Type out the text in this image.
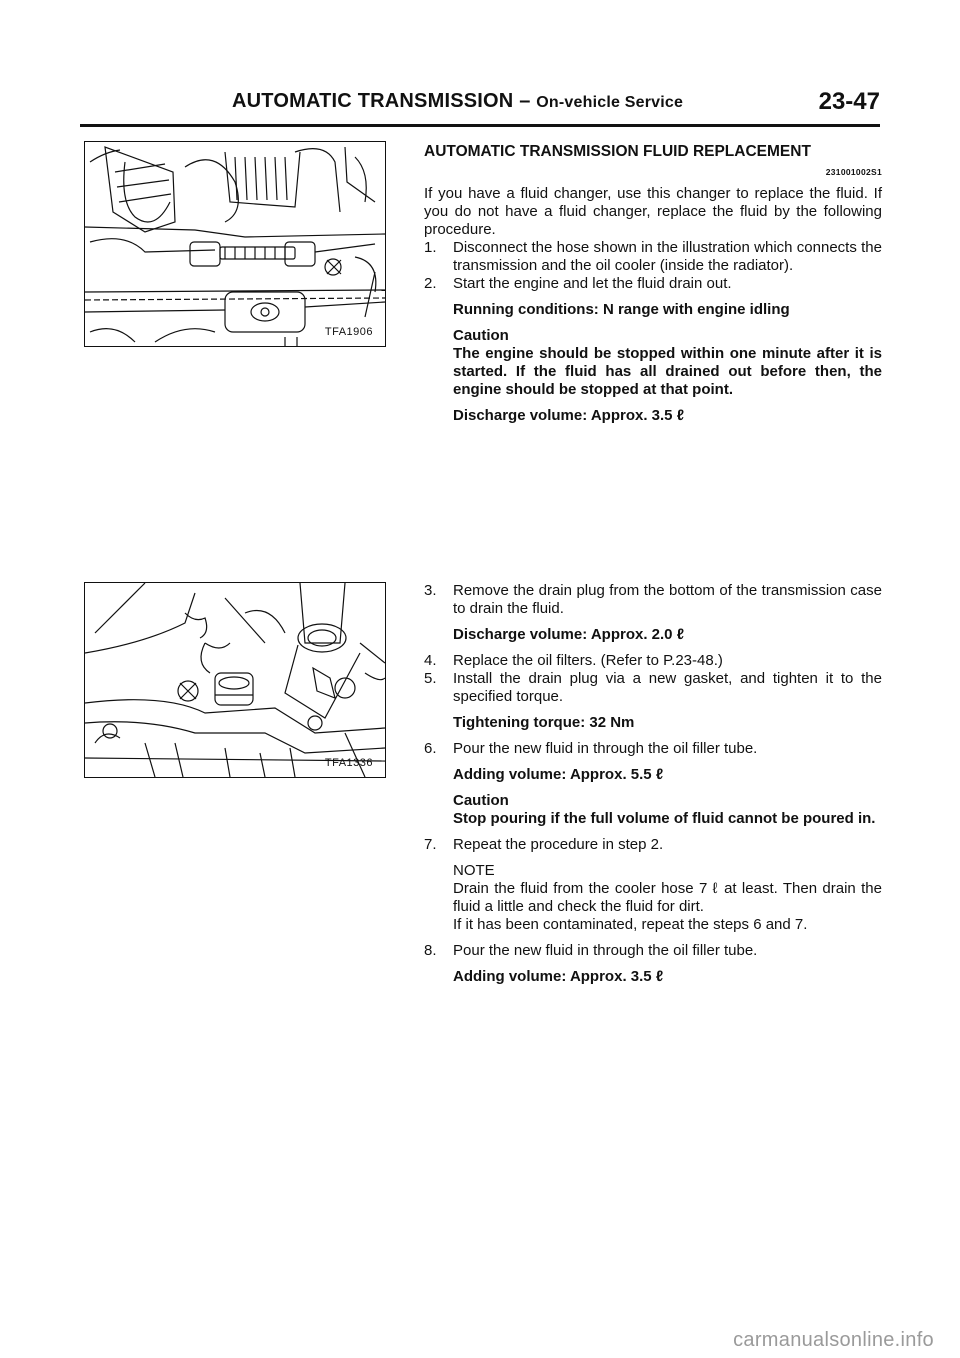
AUTOMATIC TRANSMISSION – On-vehicle Service	23-47
TFA1906
TFA1336
AUTOMATIC TRANSMISSION FLUID REPLACEMENT
231001002S1
If you have a fluid changer, use this changer to replace the fluid. If you do not have a fluid changer, replace the fluid by the following procedure.
1.	Disconnect the hose shown in the illustration which connects the transmission and the oil cooler (inside the radiator).
2.	Start the engine and let the fluid drain out.
Running conditions: N range with engine idling
Caution
The engine should be stopped within one minute after it is started. If the fluid has all drained out before then, the engine should be stopped at that point.
Discharge volume: Approx. 3.5 ℓ
3.	Remove the drain plug from the bottom of the transmission case to drain the fluid.
Discharge volume: Approx. 2.0 ℓ
4.	Replace the oil filters. (Refer to P.23-48.)
5.	Install the drain plug via a new gasket, and tighten it to the specified torque.
Tightening torque: 32 Nm
6.	Pour the new fluid in through the oil filler tube.
Adding volume: Approx. 5.5 ℓ
Caution
Stop pouring if the full volume of fluid cannot be poured in.
7.	Repeat the procedure in step 2.
NOTE
Drain the fluid from the cooler hose 7 ℓ at least. Then drain the fluid a little and check the fluid for dirt.
If it has been contaminated, repeat the steps 6 and 7.
8.	Pour the new fluid in through the oil filler tube.
Adding volume: Approx. 3.5 ℓ
carmanualsonline.info
